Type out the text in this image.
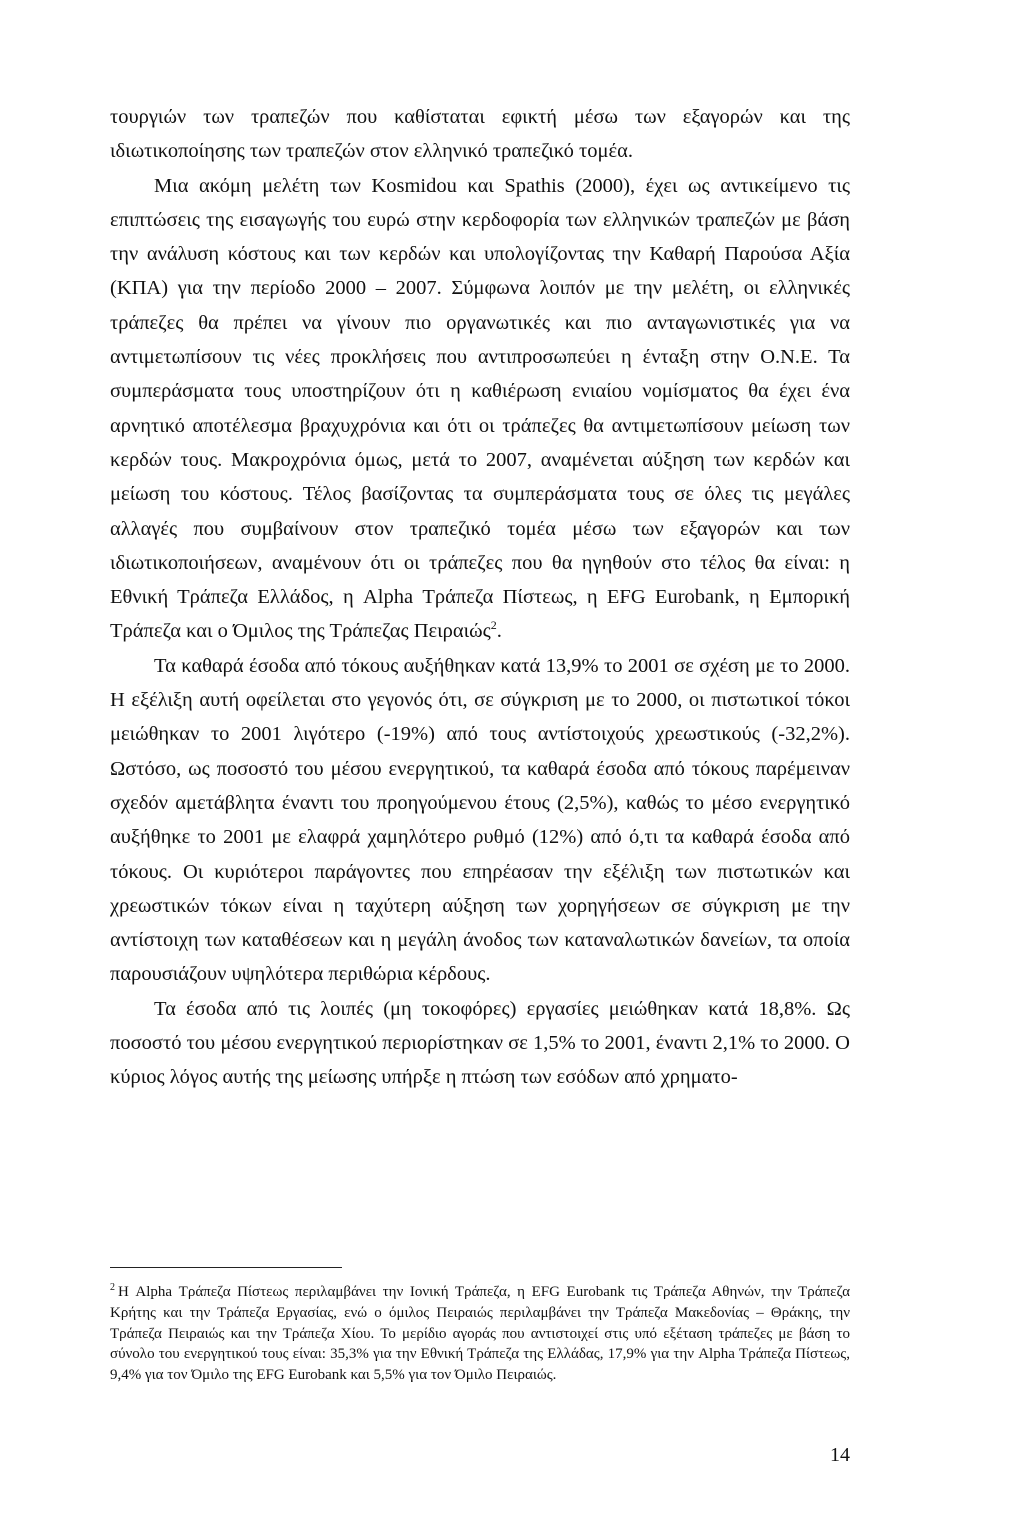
τουργιών των τραπεζών που καθίσταται εφικτή μέσω των εξαγορών και της ιδιωτικοποίησης των τραπεζών στον ελληνικό τραπεζικό τομέα.

Μια ακόμη μελέτη των Kosmidou και Spathis (2000), έχει ως αντικείμενο τις επιπτώσεις της εισαγωγής του ευρώ στην κερδοφορία των ελληνικών τραπεζών με βάση την ανάλυση κόστους και των κερδών και υπολογίζοντας την Καθαρή Παρούσα Αξία (ΚΠΑ) για την περίοδο 2000 – 2007. Σύμφωνα λοιπόν με την μελέτη, οι ελληνικές τράπεζες θα πρέπει να γίνουν πιο οργανωτικές και πιο ανταγωνιστικές για να αντιμετωπίσουν τις νέες προκλήσεις που αντιπροσωπεύει η ένταξη στην Ο.Ν.Ε. Τα συμπεράσματα τους υποστηρίζουν ότι η καθιέρωση ενιαίου νομίσματος θα έχει ένα αρνητικό αποτέλεσμα βραχυχρόνια και ότι οι τράπεζες θα αντιμετωπίσουν μείωση των κερδών τους. Μακροχρόνια όμως, μετά το 2007, αναμένεται αύξηση των κερδών και μείωση του κόστους. Τέλος βασίζοντας τα συμπεράσματα τους σε όλες τις μεγάλες αλλαγές που συμβαίνουν στον τραπεζικό τομέα μέσω των εξαγορών και των ιδιωτικοποιήσεων, αναμένουν ότι οι τράπεζες που θα ηγηθούν στο τέλος θα είναι: η Εθνική Τράπεζα Ελλάδος, η Alpha Τράπεζα Πίστεως, η EFG Eurobank, η Εμπορική Τράπεζα και ο Όμιλος της Τράπεζας Πειραιώς$^2$.

Τα καθαρά έσοδα από τόκους αυξήθηκαν κατά 13,9% το 2001 σε σχέση με το 2000. Η εξέλιξη αυτή οφείλεται στο γεγονός ότι, σε σύγκριση με το 2000, οι πιστωτικοί τόκοι μειώθηκαν το 2001 λιγότερο (-19%) από τους αντίστοιχούς χρεωστικούς (-32,2%). Ωστόσο, ως ποσοστό του μέσου ενεργητικού, τα καθαρά έσοδα από τόκους παρέμειναν σχεδόν αμετάβλητα έναντι του προηγούμενου έτους (2,5%), καθώς το μέσο ενεργητικό αυξήθηκε το 2001 με ελαφρά χαμηλότερο ρυθμό (12%) από ό,τι τα καθαρά έσοδα από τόκους. Οι κυριότεροι παράγοντες που επηρέασαν την εξέλιξη των πιστωτικών και χρεωστικών τόκων είναι η ταχύτερη αύξηση των χορηγήσεων σε σύγκριση με την αντίστοιχη των καταθέσεων και η μεγάλη άνοδος των καταναλωτικών δανείων, τα οποία παρουσιάζουν υψηλότερα περιθώρια κέρδους.

Τα έσοδα από τις λοιπές (μη τοκοφόρες) εργασίες μειώθηκαν κατά 18,8%. Ως ποσοστό του μέσου ενεργητικού περιορίστηκαν σε 1,5% το 2001, έναντι 2,1% το 2000. Ο κύριος λόγος αυτής της μείωσης υπήρξε η πτώση των εσόδων από χρηματο-

$^2$ Η Alpha Τράπεζα Πίστεως περιλαμβάνει την Ιονική Τράπεζα, η EFG Eurobank τις Τράπεζα Αθηνών, την Τράπεζα Κρήτης και την Τράπεζα Εργασίας, ενώ ο όμιλος Πειραιώς περιλαμβάνει την Τράπεζα Μακεδονίας – Θράκης, την Τράπεζα Πειραιώς και την Τράπεζα Χίου. Το μερίδιο αγοράς που αντιστοιχεί στις υπό εξέταση τράπεζες με βάση το σύνολο του ενεργητικού τους είναι: 35,3% για την Εθνική Τράπεζα της Ελλάδας, 17,9% για την Alpha Τράπεζα Πίστεως, 9,4% για τον Όμιλο της EFG Eurobank και 5,5% για τον Όμιλο Πειραιώς.
14
